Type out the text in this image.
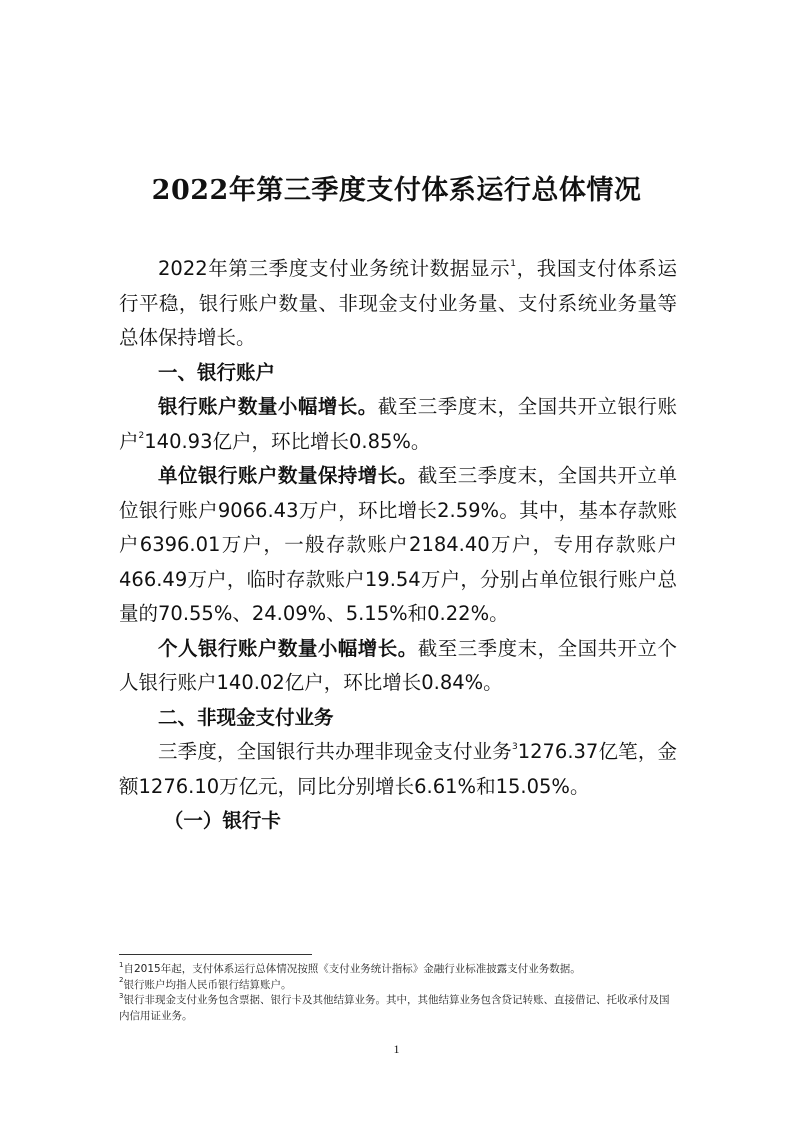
2022年第三季度支付体系运行总体情况

2022年第三季度支付业务统计数据显示$^1$，我国支付体系运行平稳，银行账户数量、非现金支付业务量、支付系统业务量等总体保持增长。

一、银行账户

银行账户数量小幅增长。截至三季度末，全国共开立银行账户$^2$140.93亿户，环比增长0.85%。

单位银行账户数量保持增长。截至三季度末，全国共开立单位银行账户9066.43万户，环比增长2.59%。其中，基本存款账户6396.01万户，一般存款账户2184.40万户，专用存款账户466.49万户，临时存款账户19.54万户，分别占单位银行账户总量的70.55%、24.09%、5.15%和0.22%。

个人银行账户数量小幅增长。截至三季度末，全国共开立个人银行账户140.02亿户，环比增长0.84%。

二、非现金支付业务

三季度，全国银行共办理非现金支付业务$^3$1276.37亿笔，金额1276.10万亿元，同比分别增长6.61%和15.05%。

（一）银行卡

$^1$自2015年起，支付体系运行总体情况按照《支付业务统计指标》金融行业标准披露支付业务数据。

$^2$银行账户均指人民币银行结算账户。

$^3$银行非现金支付业务包含票据、银行卡及其他结算业务。其中，其他结算业务包含贷记转账、直接借记、托收承付及国内信用证业务。

1
